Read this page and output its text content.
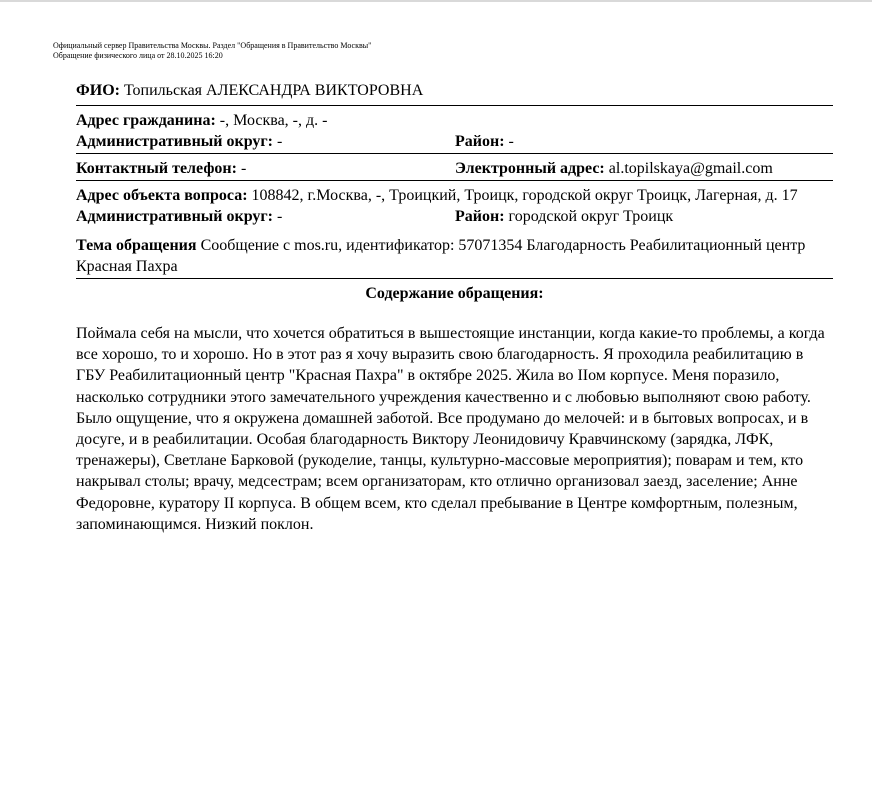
Официальный сервер Правительства Москвы. Раздел "Обращения в Правительство Москвы"
Обращение физического лица от 28.10.2025 16:20
ФИО: Топильская АЛЕКСАНДРА ВИКТОРОВНА
Адрес гражданина: -, Москва, -, д. -
Административный округ: -	Район: -
Контактный телефон: -	Электронный адрес: al.topilskaya@gmail.com
Адрес объекта вопроса: 108842, г.Москва, -, Троицкий, Троицк, городской округ Троицк, Лагерная, д. 17
Административный округ: -	Район: городской округ Троицк
Тема обращения Сообщение с mos.ru, идентификатор: 57071354 Благодарность Реабилитационный центр Красная Пахра
Содержание обращения:
Поймала себя на мысли, что хочется обратиться в вышестоящие инстанции, когда какие-то проблемы, а когда все хорошо, то и хорошо. Но в этот раз я хочу выразить свою благодарность. Я проходила реабилитацию в ГБУ Реабилитационный центр "Красная Пахра" в октябре 2025. Жила во IIом корпусе. Меня поразило, насколько сотрудники этого замечательного учреждения качественно и с любовью выполняют свою работу. Было ощущение, что я окружена домашней заботой. Все продумано до мелочей: и в бытовых вопросах, и в досуге, и в реабилитации. Особая благодарность Виктору Леонидовичу Кравчинскому (зарядка, ЛФК, тренажеры), Светлане Барковой (рукоделие, танцы, культурно-массовые мероприятия); поварам и тем, кто накрывал столы; врачу, медсестрам; всем организаторам, кто отлично организовал заезд, заселение; Анне Федоровне, куратору II корпуса. В общем всем, кто сделал пребывание в Центре комфортным, полезным, запоминающимся. Низкий поклон.
